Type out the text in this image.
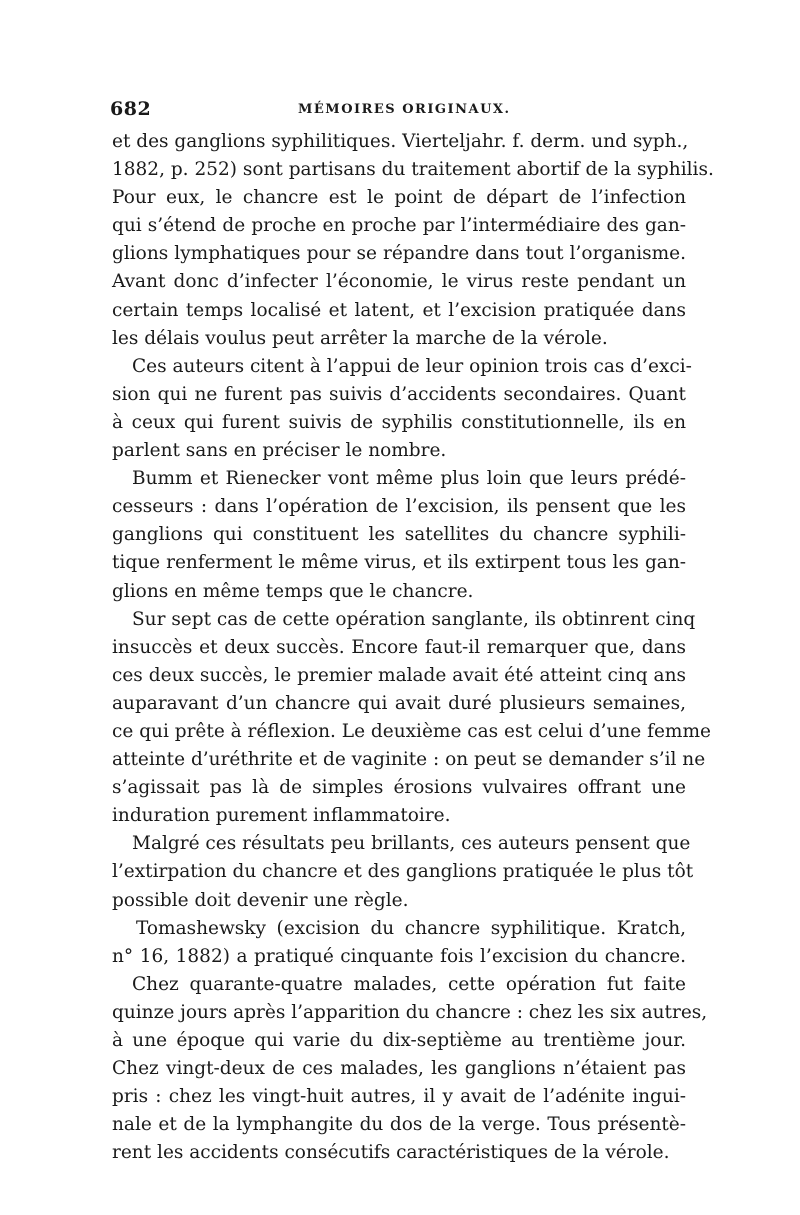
682	MÉMOIRES ORIGINAUX.
et des ganglions syphilitiques. Vierteljahr. f. derm. und syph.,
1882, p. 252) sont partisans du traitement abortif de la syphilis.
Pour eux, le chancre est le point de départ de l’infection
qui s’étend de proche en proche par l’intermédiaire des gan-
glions lymphatiques pour se répandre dans tout l’organisme.
Avant donc d’infecter l’économie, le virus reste pendant un
certain temps localisé et latent, et l’excision pratiquée dans
les délais voulus peut arrêter la marche de la vérole.
Ces auteurs citent à l’appui de leur opinion trois cas d’exci-
sion qui ne furent pas suivis d’accidents secondaires. Quant
à ceux qui furent suivis de syphilis constitutionnelle, ils en
parlent sans en préciser le nombre.
Bumm et Rienecker vont même plus loin que leurs prédé-
cesseurs : dans l’opération de l’excision, ils pensent que les
ganglions qui constituent les satellites du chancre syphili-
tique renferment le même virus, et ils extirpent tous les gan-
glions en même temps que le chancre.
Sur sept cas de cette opération sanglante, ils obtinrent cinq
insuccès et deux succès. Encore faut-il remarquer que, dans
ces deux succès, le premier malade avait été atteint cinq ans
auparavant d’un chancre qui avait duré plusieurs semaines,
ce qui prête à réflexion. Le deuxième cas est celui d’une femme
atteinte d’uréthrite et de vaginite : on peut se demander s’il ne
s’agissait pas là de simples érosions vulvaires offrant une
induration purement inflammatoire.
Malgré ces résultats peu brillants, ces auteurs pensent que
l’extirpation du chancre et des ganglions pratiquée le plus tôt
possible doit devenir une règle.
Tomashewsky (excision du chancre syphilitique. Kratch,
n° 16, 1882) a pratiqué cinquante fois l’excision du chancre.
Chez quarante-quatre malades, cette opération fut faite
quinze jours après l’apparition du chancre : chez les six autres,
à une époque qui varie du dix-septième au trentième jour.
Chez vingt-deux de ces malades, les ganglions n’étaient pas
pris : chez les vingt-huit autres, il y avait de l’adénite ingui-
nale et de la lymphangite du dos de la verge. Tous présentè-
rent les accidents consécutifs caractéristiques de la vérole.
